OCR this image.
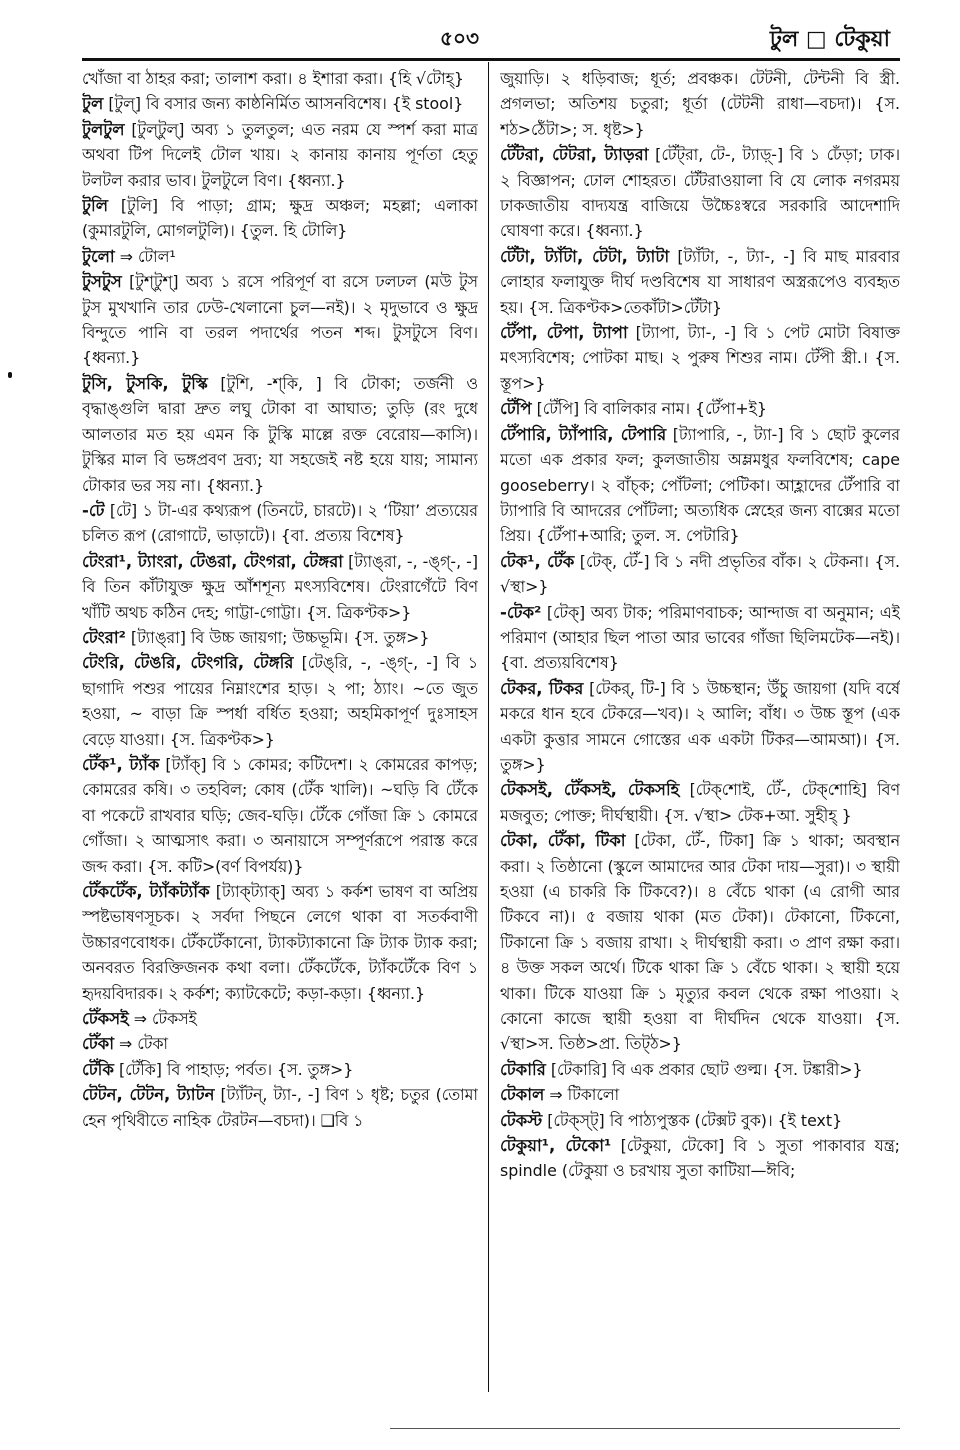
৫০৩	টুল □ টেকুয়া

খোঁজা বা ঠাহর করা; তালাশ করা। ৪ ইশারা করা। {হি √টোহ্}

টুল [টুল্] বি বসার জন্য কাষ্ঠনির্মিত আসনবিশেষ। {ই stool}

টুলটুল [টুল্‌টুল্] অব্য ১ তুলতুল; এত নরম যে স্পর্শ করা মাত্র অথবা টিপ দিলেই টোল খায়। ২ কানায় কানায় পূর্ণতা হেতু টলটল করার ভাব। টুলটুলে বিণ। {ধ্বন্যা.}

টুলি [টুলি] বি পাড়া; গ্রাম; ক্ষুদ্র অঞ্চল; মহল্লা; এলাকা (কুমারটুলি, মোগলটুলি)। {তুল. হি টোলি}

টুলো ⇒ টোল¹

টুসটুস [টুশ্‌টুশ্] অব্য ১ রসে পরিপূর্ণ বা রসে ঢলঢল (মউ টুস টুস মুখখানি তার ঢেউ-খেলানো চুল—নই)। ২ মৃদুভাবে ও ক্ষুদ্র বিন্দুতে পানি বা তরল পদার্থের পতন শব্দ। টুসটুসে বিণ। {ধ্বন্যা.}

টুসি, টুসকি, টুস্কি [টুশি, -শ্‌কি, ] বি টোকা; তর্জনী ও বৃদ্ধাঙ্গুলি দ্বারা দ্রুত লঘু টোকা বা আঘাত; তুড়ি (রং দুধে আলতার মত হয় এমন কি টুস্কি মাল্লে রক্ত বেরোয়—কাসি)। টুস্কির মাল বি ভঙ্গপ্রবণ দ্রব্য; যা সহজেই নষ্ট হয়ে যায়; সামান্য টোকার ভর সয় না। {ধ্বন্যা.}

-টে [টে] ১ টা-এর কথ্যরূপ (তিনটে, চারটে)। ২ ‘টিয়া’ প্রত্যয়ের চলিত রূপ (রোগাটে, ভাড়াটে)। {বা. প্রত্যয় বিশেষ}

টেংরা¹, ট্যাংরা, টেঙরা, টেংগরা, টেঙ্গরা [ট্যাঙ্‌রা, -, -ঙ্‌গ্-, -] বি তিন কাঁটাযুক্ত ক্ষুদ্র আঁশশূন্য মৎস্যবিশেষ। টেংরাগেঁটে বিণ খাঁটি অথচ কঠিন দেহ; গাট্টা-গোট্টা। {স. ত্রিকণ্টক>}

টেংরা² [ট্যাঙ্‌রা] বি উচ্চ জায়গা; উচ্চভূমি। {স. তুঙ্গ>}

টেংরি, টেঙরি, টেংগরি, টেঙ্গরি [টেঙ্‌রি, -, -ঙ্‌গ্-, -] বি ১ ছাগাদি পশুর পায়ের নিম্নাংশের হাড়। ২ পা; ঠ্যাং। ~তে জুত হওয়া, ~ বাড়া ক্রি স্পর্ধা বর্ধিত হওয়া; অহমিকাপূর্ণ দুঃসাহস বেড়ে যাওয়া। {স. ত্রিকণ্টক>}

টেঁক¹, ট্যাঁক [ট্যাঁক্] বি ১ কোমর; কটিদেশ। ২ কোমরের কাপড়; কোমরের কষি। ৩ তহবিল; কোষ (টেঁক খালি)। ~ঘড়ি বি টেঁকে বা পকেটে রাখবার ঘড়ি; জেব-ঘড়ি। টেঁকে গোঁজা ক্রি ১ কোমরে গোঁজা। ২ আত্মসাৎ করা। ৩ অনায়াসে সম্পূর্ণরূপে পরাস্ত করে জব্দ করা। {স. কটি>(বর্ণ বিপর্যয়)}

টেঁকটেঁক, ট্যাঁকট্যাঁক [ট্যাক্‌ট্যাক্] অব্য ১ কর্কশ ভাষণ বা অপ্রিয় স্পষ্টভাষণসূচক। ২ সর্বদা পিছনে লেগে থাকা বা সতর্কবাণী উচ্চারণবোধক। টেঁকটেঁকানো, ট্যাকট্যাকানো ক্রি ট্যাক ট্যাক করা; অনবরত বিরক্তিজনক কথা বলা। টেঁকটেঁকে, ট্যাঁকটেঁকে বিণ ১ হৃদয়বিদারক। ২ কর্কশ; ক্যাটকেটে; কড়া-কড়া। {ধ্বন্যা.}

টেঁকসই ⇒ টেকসই

টেঁকা ⇒ টেকা

টেঁকি [টেঁকি] বি পাহাড়; পর্বত। {স. তুঙ্গ>}

টেটন, টেটন, ট্যাটন [ট্যাঁটন্, ট্যা-, -] বিণ ১ ধৃষ্ট; চতুর (তোমা হেন পৃথিবীতে নাহিক টেরটন—বচদা)। ❑বি ১

জুয়াড়ি। ২ ধড়িবাজ; ধূর্ত; প্রবঞ্চক। টেটনী, টেন্টনী বি স্ত্রী. প্রগলভা; অতিশয় চতুরা; ধূর্তা (টেটনী রাধা—বচদা)। {স. শঠ>ঠেঁটা>; স. ধৃষ্ট>}

টেঁটরা, টেটরা, ট্যাড়রা [টেঁট্‌রা, টে-, ট্যাড়্-] বি ১ ঢেঁড়া; ঢাক। ২ বিজ্ঞাপন; ঢোল শোহরত। টেঁটরাওয়ালা বি যে লোক নগরময় ঢাকজাতীয় বাদ্যযন্ত্র বাজিয়ে উচ্চৈঃস্বরে সরকারি আদেশাদি ঘোষণা করে। {ধ্বন্যা.}

টেঁটা, ট্যাঁটা, টেটা, ট্যাটা [ট্যাঁটা, -, ট্যা-, -] বি মাছ মারবার লোহার ফলাযুক্ত দীর্ঘ দণ্ডবিশেষ যা সাধারণ অস্ত্ররূপেও ব্যবহৃত হয়। {স. ত্রিকণ্টক>তেকাঁটা>টেঁটা}

টেঁপা, টেপা, ট্যাপা [ট্যাপা, ট্যা-, -] বি ১ পেট মোটা বিষাক্ত মৎস্যবিশেষ; পোটকা মাছ। ২ পুরুষ শিশুর নাম। টেঁপী স্ত্রী.। {স. স্তূপ>}

টেঁপি [টেঁপি] বি বালিকার নাম। {টেঁপা+ই}

টেঁপারি, ট্যাঁপারি, টেপারি [ট্যাপারি, -, ট্যা-] বি ১ ছোট কুলের মতো এক প্রকার ফল; কুলজাতীয় অম্লমধুর ফলবিশেষ; cape gooseberry। ২ বাঁচ্ক; পোঁটলা; পেটিকা। আহ্লাদের টেঁপারি বা ট্যাপারি বি আদরের পোঁটলা; অত্যধিক স্নেহের জন্য বাক্সের মতো প্রিয়। {টেঁপা+আরি; তুল. স. পেটারি}

টেক¹, টেঁক [টেক্, টেঁ-] বি ১ নদী প্রভৃতির বাঁক। ২ টেকনা। {স. √স্থা>}

-টেক² [টেক্] অব্য টাক; পরিমাণবাচক; আন্দাজ বা অনুমান; এই পরিমাণ (আহার ছিল পাতা আর ভাবের গাঁজা ছিলিমটেক—নই)। {বা. প্রত্যয়বিশেষ}

টেকর, টিকর [টেকর্, টি-] বি ১ উচ্চস্থান; উঁচু জায়গা (যদি বর্ষে মকরে ধান হবে টেকরে—খব)। ২ আলি; বাঁধ। ৩ উচ্চ স্তূপ (এক একটা কুত্তার সামনে গোস্তের এক একটা টিকর—আমআ)। {স. তুঙ্গ>}

টেকসই, টেঁকসই, টেকসহি [টেক্‌শোই, টেঁ-, টেক্‌শোহি] বিণ মজবুত; পোক্ত; দীর্ঘস্থায়ী। {স. √স্থা> টেক+আ. সুহীহ্ }

টেকা, টেঁকা, টিকা [টেকা, টেঁ-, টিকা] ক্রি ১ থাকা; অবস্থান করা। ২ তিষ্ঠানো (স্কুলে আমাদের আর টেকা দায়—সুরা)। ৩ স্থায়ী হওয়া (এ চাকরি কি টিকবে?)। ৪ বেঁচে থাকা (এ রোগী আর টিকবে না)। ৫ বজায় থাকা (মত টেকা)। টেকানো, টিকনো, টিকানো ক্রি ১ বজায় রাখা। ২ দীর্ঘস্থায়ী করা। ৩ প্রাণ রক্ষা করা। ৪ উক্ত সকল অর্থে। টিকে থাকা ক্রি ১ বেঁচে থাকা। ২ স্থায়ী হয়ে থাকা। টিকে যাওয়া ক্রি ১ মৃত্যুর কবল থেকে রক্ষা পাওয়া। ২ কোনো কাজে স্থায়ী হওয়া বা দীর্ঘদিন থেকে যাওয়া। {স. √স্থা>স. তিষ্ঠ>প্রা. তিট্ঠ>}

টেকারি [টেকারি] বি এক প্রকার ছোট গুল্ম। {স. টঙ্কারী>}

টেকাল ⇒ টিকালো

টেকস্ট [টেক্‌স্‌ট্] বি পাঠ্যপুস্তক (টেক্সট বুক)। {ই text}

টেকুয়া¹, টেকো¹ [টেকুয়া, টেকো] বি ১ সুতা পাকাবার যন্ত্র; spindle (টেকুয়া ও চরখায় সুতা কাটিয়া—ঈবি;
